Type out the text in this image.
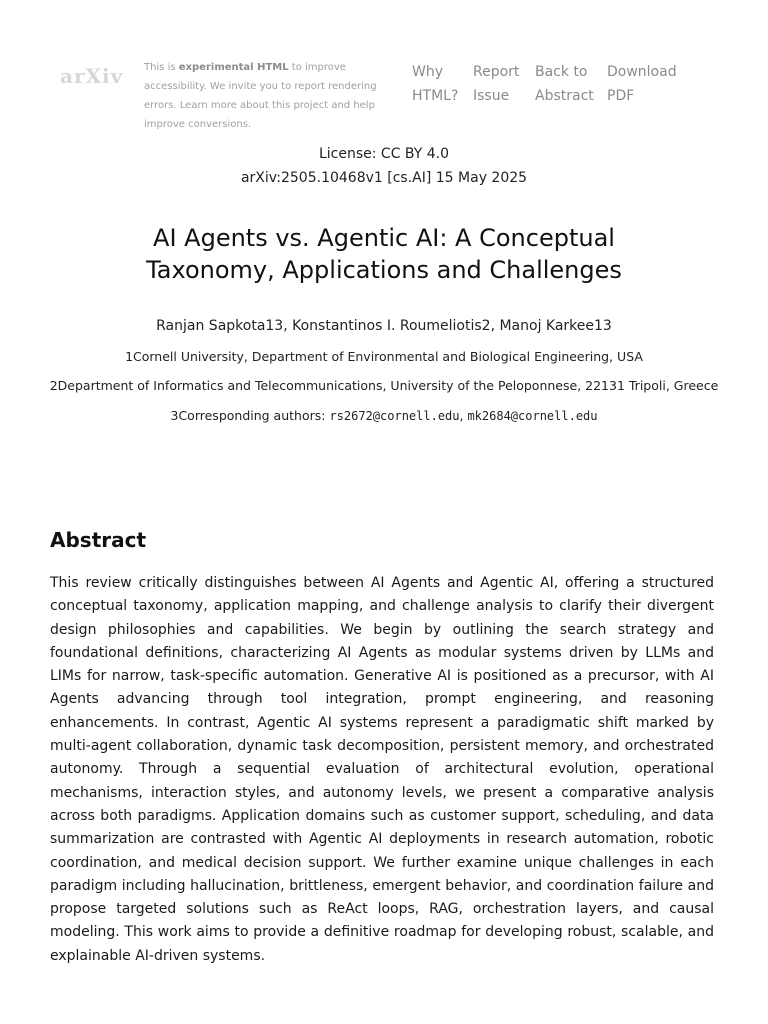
arXiv	This is experimental HTML to improve accessibility. We invite you to report rendering errors. Learn more about this project and help improve conversions.
Why
HTML?
Report
Issue
Back to
Abstract
Download
PDF
License: CC BY 4.0
arXiv:2505.10468v1 [cs.AI] 15 May 2025
AI Agents vs. Agentic AI: A Conceptual
Taxonomy, Applications and Challenges
Ranjan Sapkota13, Konstantinos I. Roumeliotis2, Manoj Karkee13
1Cornell University, Department of Environmental and Biological Engineering, USA
2Department of Informatics and Telecommunications, University of the Peloponnese, 22131 Tripoli, Greece
3Corresponding authors: rs2672@cornell.edu, mk2684@cornell.edu
Abstract

This review critically distinguishes between AI Agents and Agentic AI, offering a structured conceptual taxonomy, application mapping, and challenge analysis to clarify their divergent design philosophies and capabilities. We begin by outlining the search strategy and foundational definitions, characterizing AI Agents as modular systems driven by LLMs and LIMs for narrow, task-specific automation. Generative AI is positioned as a precursor, with AI Agents advancing through tool integration, prompt engineering, and reasoning enhancements. In contrast, Agentic AI systems represent a paradigmatic shift marked by multi-agent collaboration, dynamic task decomposition, persistent memory, and orchestrated autonomy. Through a sequential evaluation of architectural evolution, operational mechanisms, interaction styles, and autonomy levels, we present a comparative analysis across both paradigms. Application domains such as customer support, scheduling, and data summarization are contrasted with Agentic AI deployments in research automation, robotic coordination, and medical decision support. We further examine unique challenges in each paradigm including hallucination, brittleness, emergent behavior, and coordination failure and propose targeted solutions such as ReAct loops, RAG, orchestration layers, and causal modeling. This work aims to provide a definitive roadmap for developing robust, scalable, and explainable AI-driven systems.
